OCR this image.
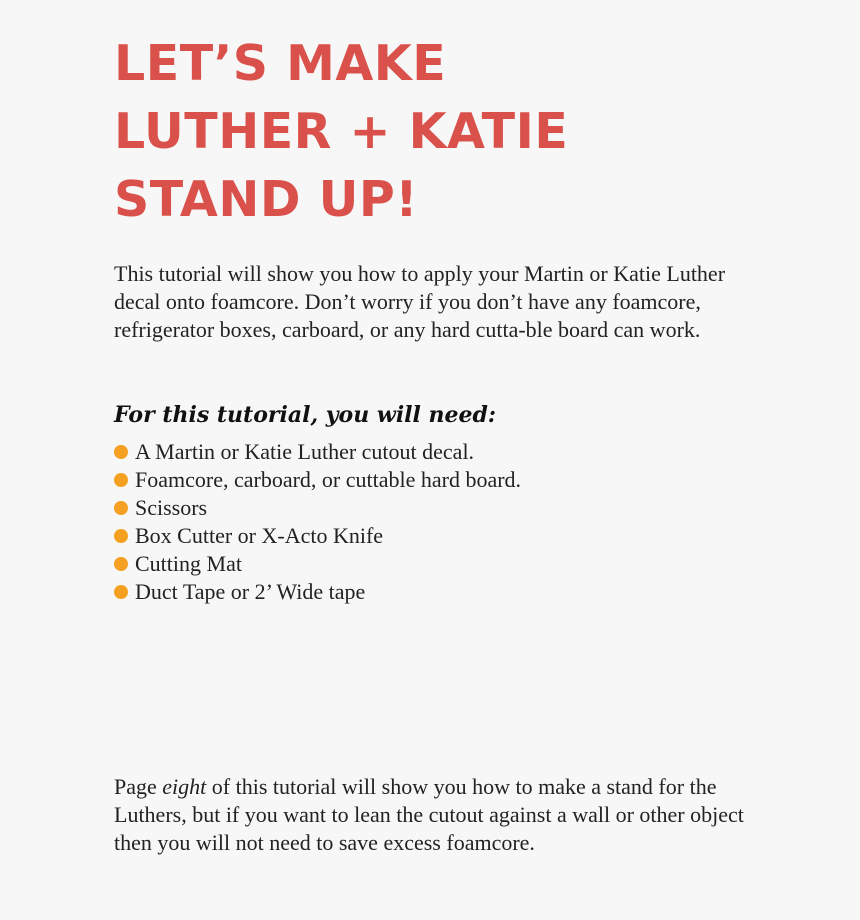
LET’S MAKE
LUTHER + KATIE
STAND UP!

This tutorial will show you how to apply your Martin or Katie Luther decal onto foamcore. Don’t worry if you don’t have any foamcore, refrigerator boxes, carboard, or any hard cutta-ble board can work.

For this tutorial, you will need:
A Martin or Katie Luther cutout decal.
Foamcore, carboard, or cuttable hard board.
Scissors
Box Cutter or X-Acto Knife
Cutting Mat
Duct Tape or 2’ Wide tape

Page eight of this tutorial will show you how to make a stand for the Luthers, but if you want to lean the cutout against a wall or other object then you will not need to save excess foamcore.
